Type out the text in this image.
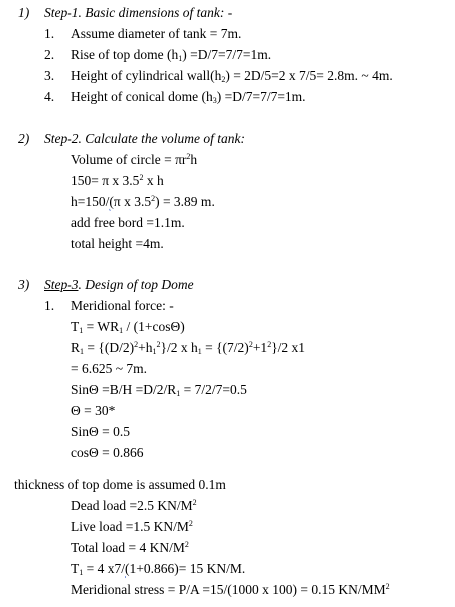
1) Step-1. Basic dimensions of tank: -
1. Assume diameter of tank = 7m.
2. Rise of top dome $(h_1) =D/7=7/7=1m$.
3. Height of cylindrical $wall(h_2) = 2D/5=2$ x 7/5= 2.8m. ~ 4m.
4. Height of conical dome $(h_3) =D/7=7/7=1m$.
2) Step-2. Calculate the volume of tank:
Volume of circle = $\pi r^2h$
150= π x $3.5^2$ x h
h=150/(π x $3.5^2) = 3.89$ m.
add free bord =1.1m.
total height =4m.
3) Step-3. Design of top Dome
1. Meridional force: -
$T_1 = WR_1 / (1+\cos\Theta)$
$R_1 = \{(D/2)^2+h_1^2\}/2$ x $h_1 = \{(7/2)^2+1^2\}/2$ x1
= 6.625 ~ 7m.
$Sin\Theta =B/H =D/2/R_1 = 7/2/7=0.5$
Θ = 30*
SinΘ = 0.5
cosΘ = 0.866
thickness of top dome is assumed 0.1m
Dead load =2.5 $KN/M^2$
Live load =1.5 $KN/M^2$
Total load = 4 $KN/M^2$
$T_1 = 4$ x7/(1+0.866)= 15 KN/M.
Meridional stress = P/A =15/(1000 x 100) = 0.15 $KN/MM^2$
